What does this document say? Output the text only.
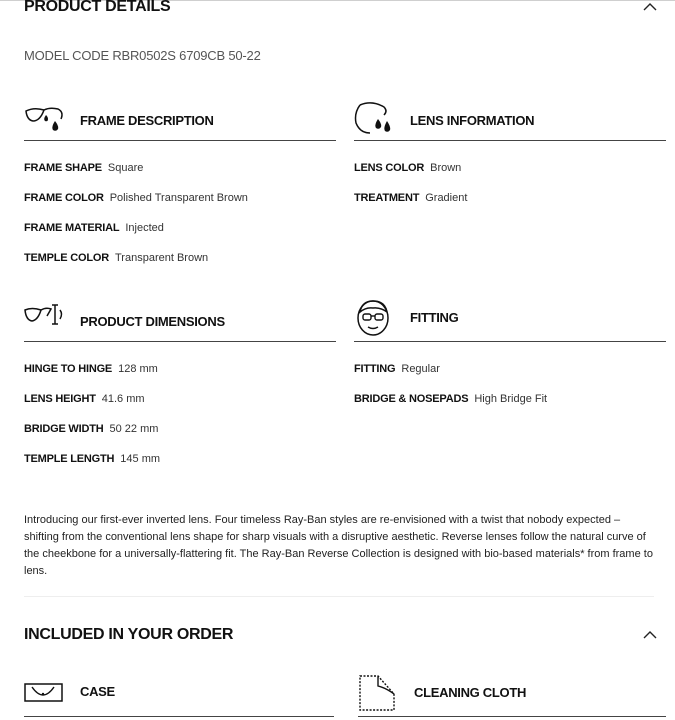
PRODUCT DETAILS
MODEL CODE RBR0502S 6709CB 50-22
FRAME DESCRIPTION
FRAME SHAPE Square
FRAME COLOR Polished Transparent Brown
FRAME MATERIAL Injected
TEMPLE COLOR Transparent Brown
LENS INFORMATION
LENS COLOR Brown
TREATMENT Gradient
PRODUCT DIMENSIONS
HINGE TO HINGE 128 mm
LENS HEIGHT 41.6 mm
BRIDGE WIDTH 50 22 mm
TEMPLE LENGTH 145 mm
FITTING
FITTING Regular
BRIDGE & NOSEPADS High Bridge Fit
Introducing our first-ever inverted lens. Four timeless Ray-Ban styles are re-envisioned with a twist that nobody expected – shifting from the conventional lens shape for sharp visuals with a disruptive aesthetic. Reverse lenses follow the natural curve of the cheekbone for a universally-flattering fit. The Ray-Ban Reverse Collection is designed with bio-based materials* from frame to lens.
INCLUDED IN YOUR ORDER
CASE	CLEANING CLOTH
